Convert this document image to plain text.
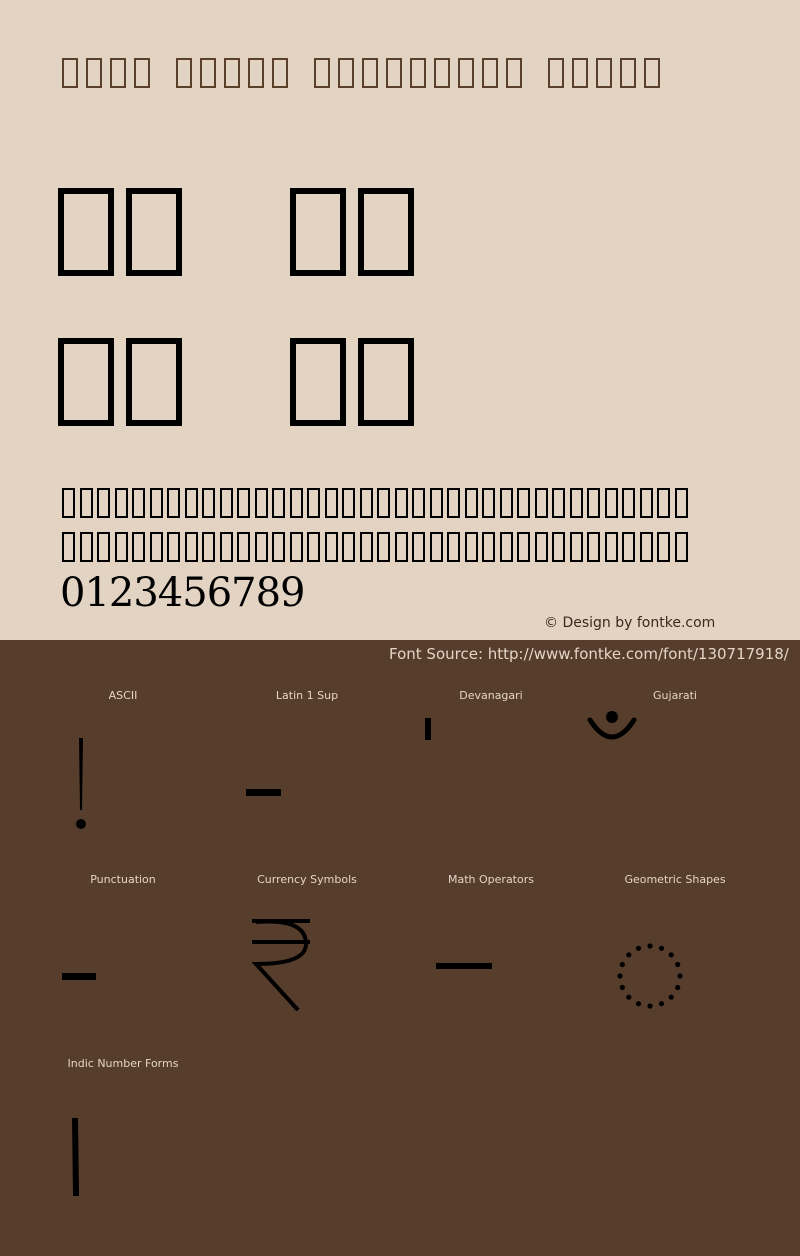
0123456789
© Design by fontke.com
Font Source: http://www.fontke.com/font/130717918/
ASCII	Latin 1 Sup	Devanagari	Gujarati
Punctuation	Currency Symbols	Math Operators	Geometric Shapes
Indic Number Forms
